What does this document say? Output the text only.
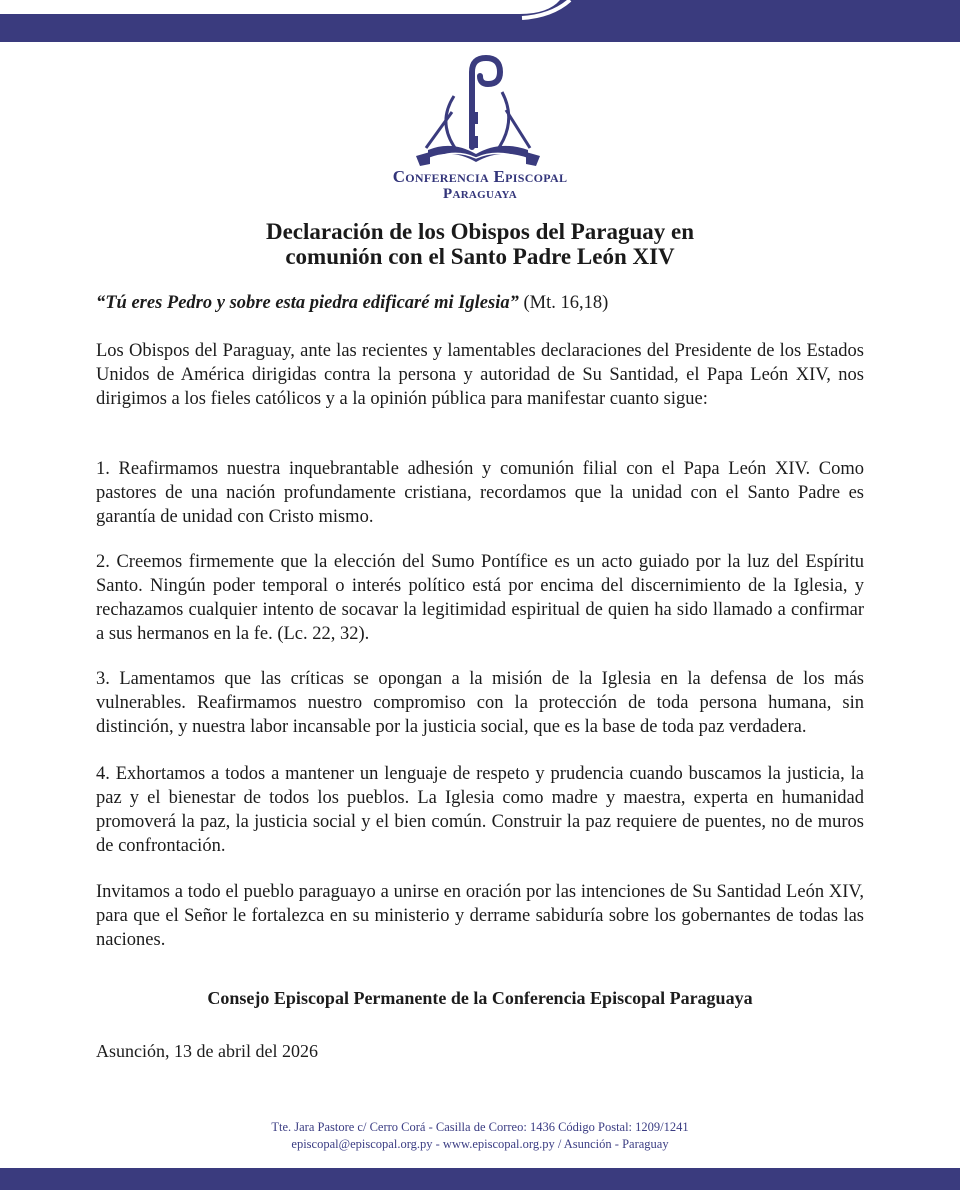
Conferencia Episcopal
Paraguaya
Declaración de los Obispos del Paraguay en
comunión con el Santo Padre León XIV

“Tú eres Pedro y sobre esta piedra edificaré mi Iglesia” (Mt. 16,18)

Los Obispos del Paraguay, ante las recientes y lamentables declaraciones del Presidente de los Estados Unidos de América dirigidas contra la persona y autoridad de Su Santidad, el Papa León XIV, nos dirigimos a los fieles católicos y a la opinión pública para manifestar cuanto sigue:

1. Reafirmamos nuestra inquebrantable adhesión y comunión filial con el Papa León XIV. Como pastores de una nación profundamente cristiana, recordamos que la unidad con el Santo Padre es garantía de unidad con Cristo mismo.

2. Creemos firmemente que la elección del Sumo Pontífice es un acto guiado por la luz del Espíritu Santo. Ningún poder temporal o interés político está por encima del discernimiento de la Iglesia, y rechazamos cualquier intento de socavar la legitimidad espiritual de quien ha sido llamado a confirmar a sus hermanos en la fe. (Lc. 22, 32).

3. Lamentamos que las críticas se opongan a la misión de la Iglesia en la defensa de los más vulnerables. Reafirmamos nuestro compromiso con la protección de toda persona humana, sin distinción, y nuestra labor incansable por la justicia social, que es la base de toda paz verdadera.

4. Exhortamos a todos a mantener un lenguaje de respeto y prudencia cuando buscamos la justicia, la paz y el bienestar de todos los pueblos. La Iglesia como madre y maestra, experta en humanidad promoverá la paz, la justicia social y el bien común. Construir la paz requiere de puentes, no de muros de confrontación.

Invitamos a todo el pueblo paraguayo a unirse en oración por las intenciones de Su Santidad León XIV, para que el Señor le fortalezca en su ministerio y derrame sabiduría sobre los gobernantes de todas las naciones.

Consejo Episcopal Permanente de la Conferencia Episcopal Paraguaya

Asunción, 13 de abril del 2026

Tte. Jara Pastore c/ Cerro Corá - Casilla de Correo: 1436 Código Postal: 1209/1241
episcopal@episcopal.org.py - www.episcopal.org.py / Asunción - Paraguay
